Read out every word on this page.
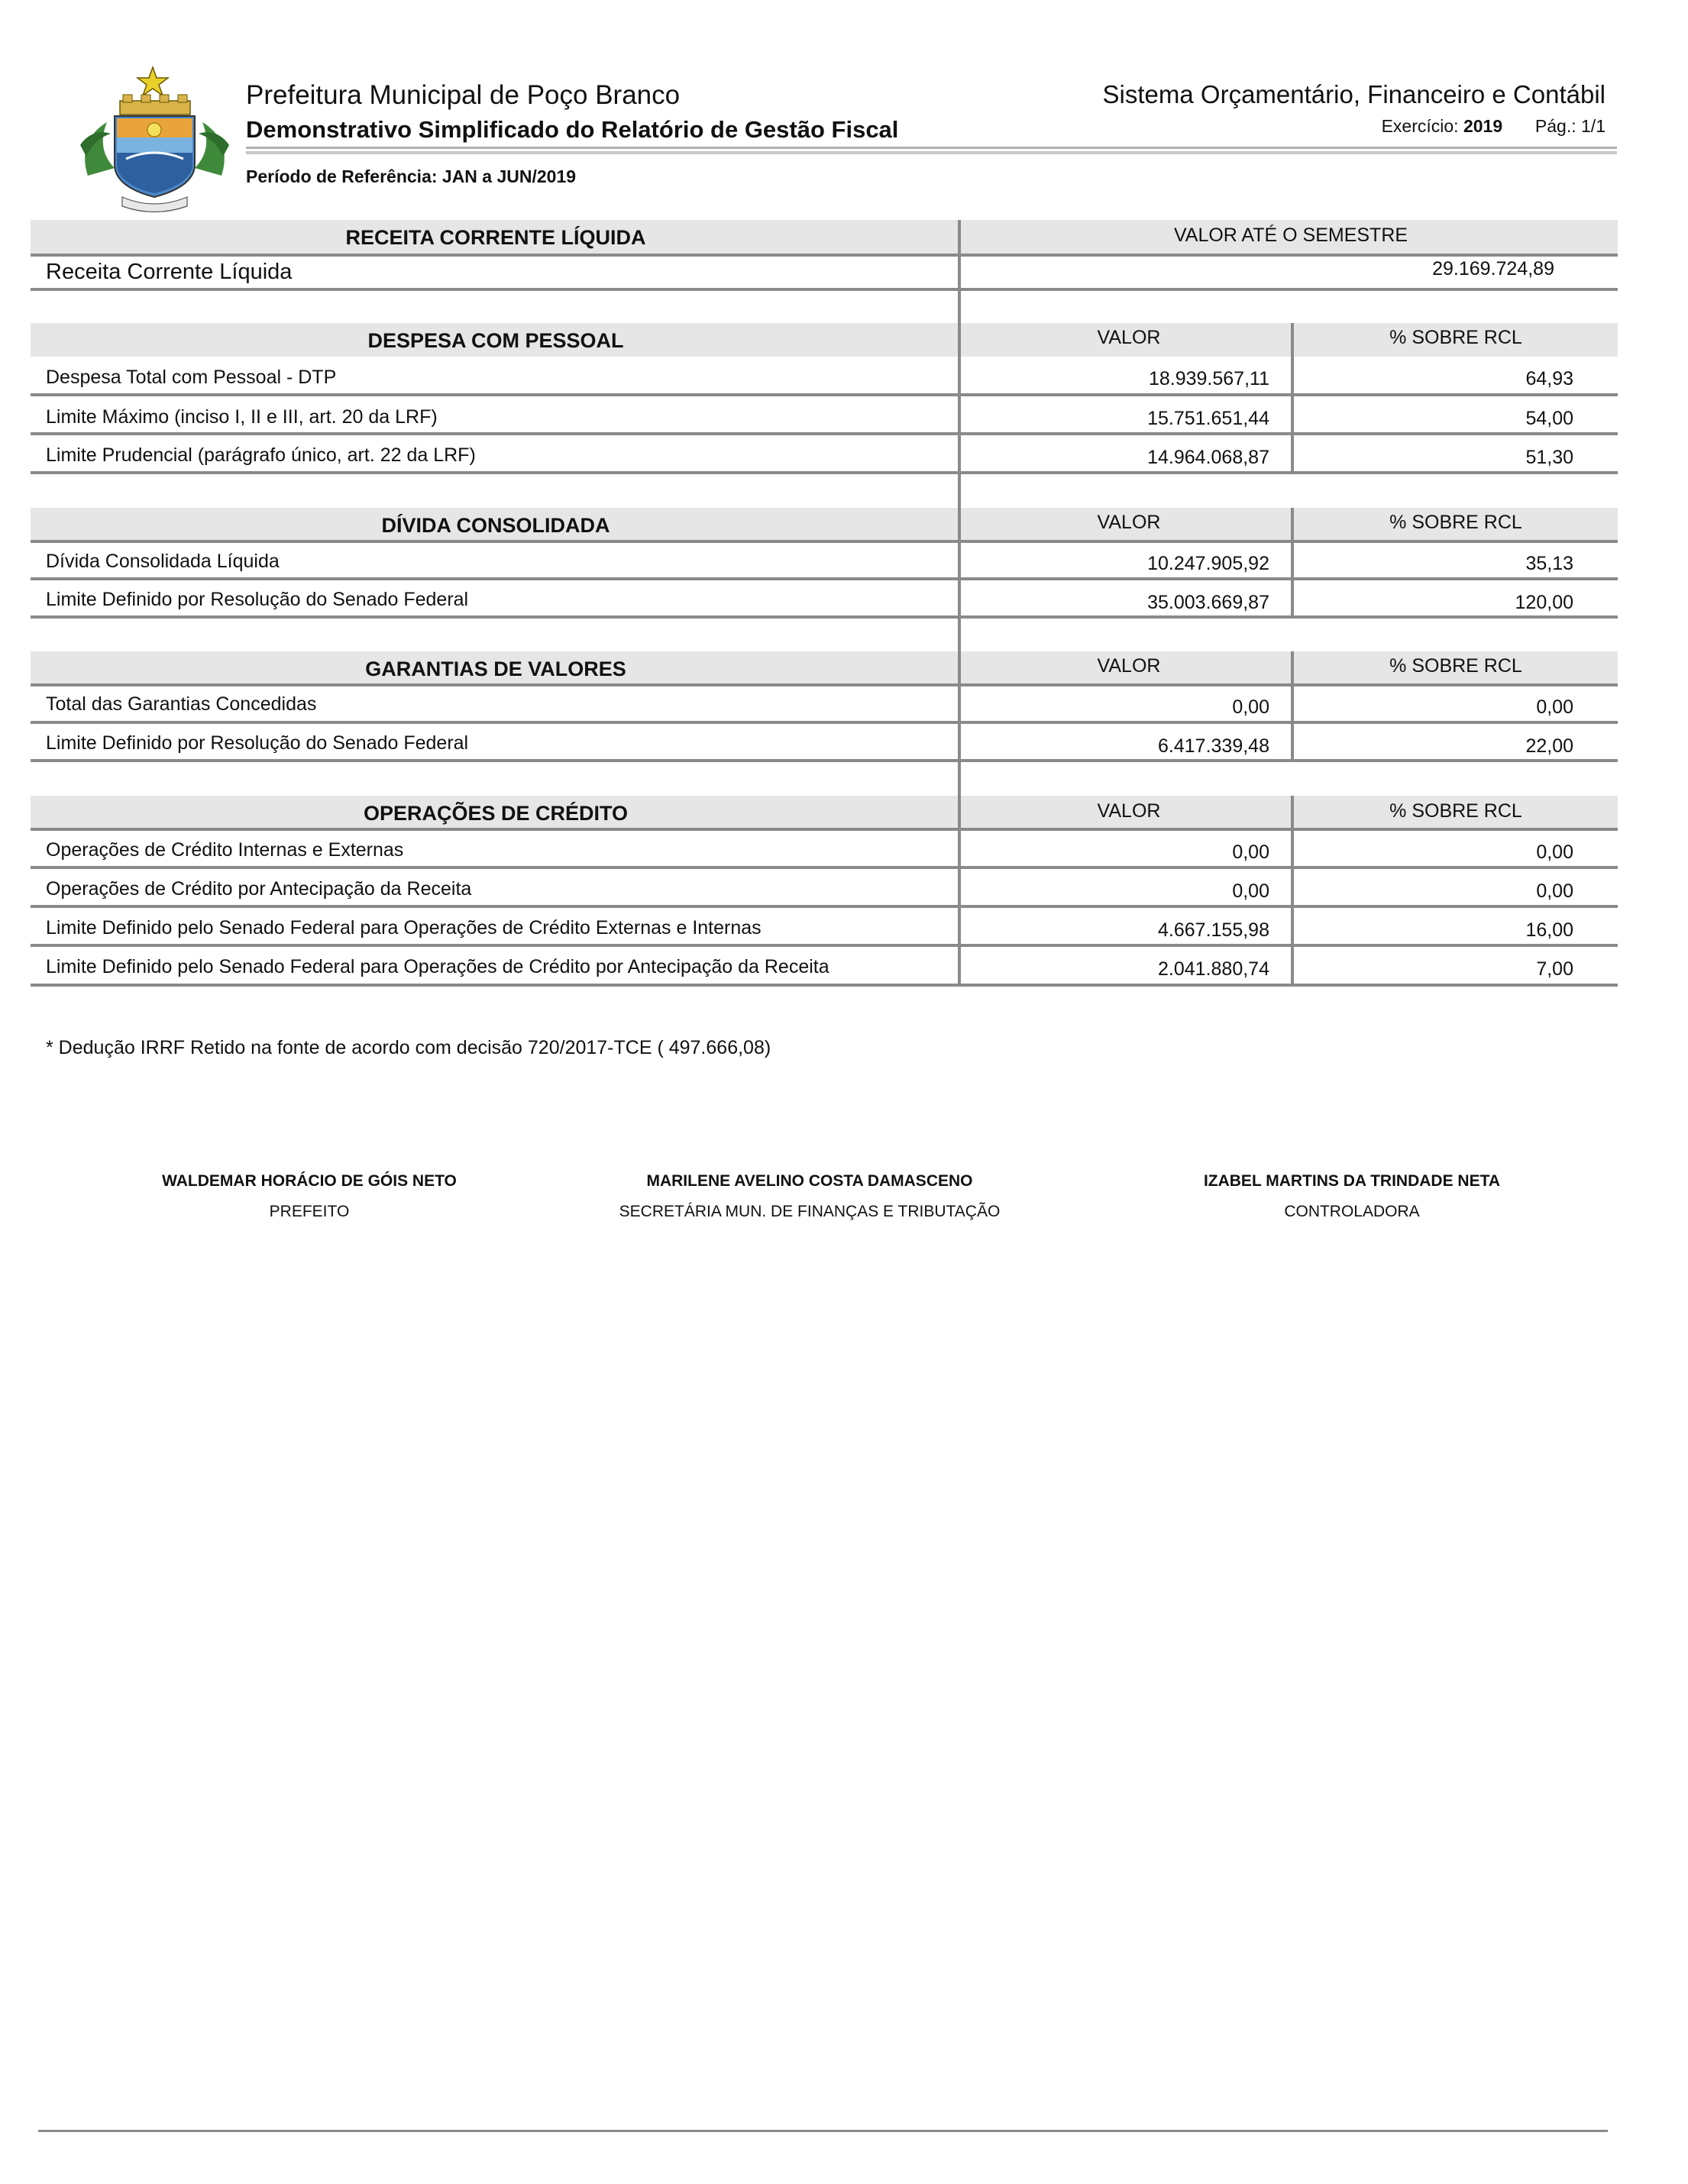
Prefeitura Municipal de Poço Branco
Demonstrativo Simplificado do Relatório de Gestão Fiscal
Período de Referência: JAN a JUN/2019
Sistema Orçamentário, Financeiro e Contábil
Exercício: 2019 Pág.: 1/1
RECEITA CORRENTE LÍQUIDA	VALOR ATÉ O SEMESTRE
Receita Corrente Líquida	29.169.724,89
DESPESA COM PESSOAL	VALOR	% SOBRE RCL
Despesa Total com Pessoal - DTP	18.939.567,11	64,93
Limite Máximo (inciso I, II e III, art. 20 da LRF)	15.751.651,44	54,00
Limite Prudencial (parágrafo único, art. 22 da LRF)	14.964.068,87	51,30
DÍVIDA CONSOLIDADA	VALOR	% SOBRE RCL
Dívida Consolidada Líquida	10.247.905,92	35,13
Limite Definido por Resolução do Senado Federal	35.003.669,87	120,00
GARANTIAS DE VALORES	VALOR	% SOBRE RCL
Total das Garantias Concedidas	0,00	0,00
Limite Definido por Resolução do Senado Federal	6.417.339,48	22,00
OPERAÇÕES DE CRÉDITO	VALOR	% SOBRE RCL
Operações de Crédito Internas e Externas	0,00	0,00
Operações de Crédito por Antecipação da Receita	0,00	0,00
Limite Definido pelo Senado Federal para Operações de Crédito Externas e Internas	4.667.155,98	16,00
Limite Definido pelo Senado Federal para Operações de Crédito por Antecipação da Receita	2.041.880,74	7,00
* Dedução IRRF Retido na fonte de acordo com decisão 720/2017-TCE ( 497.666,08)
WALDEMAR HORÁCIO DE GÓIS NETO
PREFEITO
MARILENE AVELINO COSTA DAMASCENO
SECRETÁRIA MUN. DE FINANÇAS E TRIBUTAÇÃO
IZABEL MARTINS DA TRINDADE NETA
CONTROLADORA
